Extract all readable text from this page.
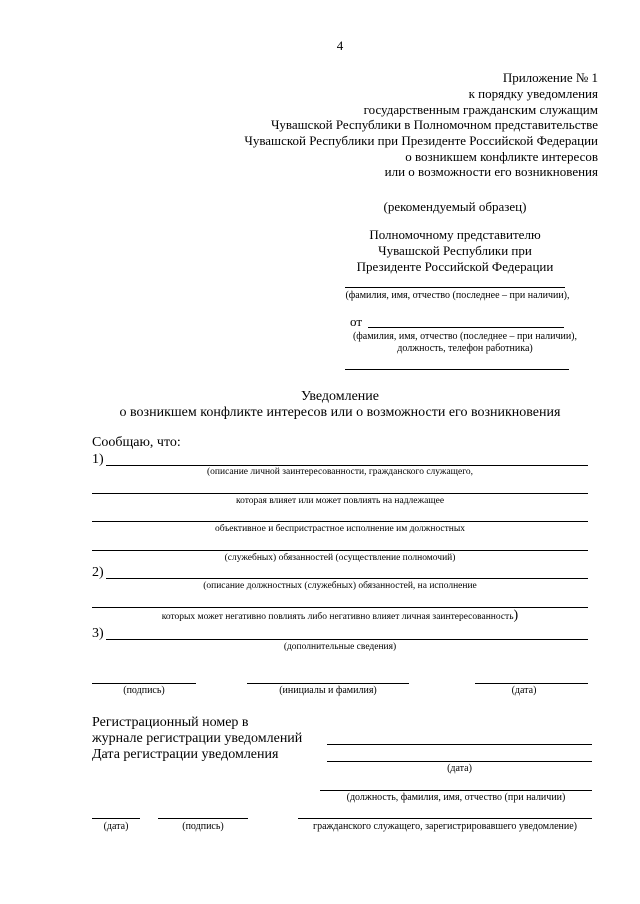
4
Приложение № 1
к порядку уведомления
государственным гражданским служащим
Чувашской Республики в Полномочном представительстве
Чувашской Республики при Президенте Российской Федерации
о возникшем конфликте интересов
или о возможности его возникновения
(рекомендуемый образец)
Полномочному представителю
Чувашской Республики при
Президенте Российской Федерации
(фамилия, имя, отчество (последнее – при наличии),
от
(фамилия, имя, отчество (последнее – при наличии),
должность, телефон работника)
Уведомление
о возникшем конфликте интересов или о возможности его возникновения
Сообщаю, что:
1)
(описание личной заинтересованности, гражданского служащего,
которая влияет или может повлиять на надлежащее
объективное и беспристрастное исполнение им должностных
(служебных) обязанностей (осуществление полномочий)
2)
(описание должностных (служебных) обязанностей, на исполнение
которых может негативно повлиять либо негативно влияет личная заинтересованность)
3)
(дополнительные сведения)
(подпись)	(инициалы и фамилия)	(дата)
Регистрационный номер в
журнале регистрации уведомлений
Дата регистрации уведомления
(дата)
(должность, фамилия, имя, отчество (при наличии)
(дата)	(подпись)	гражданского служащего, зарегистрировавшего уведомление)
